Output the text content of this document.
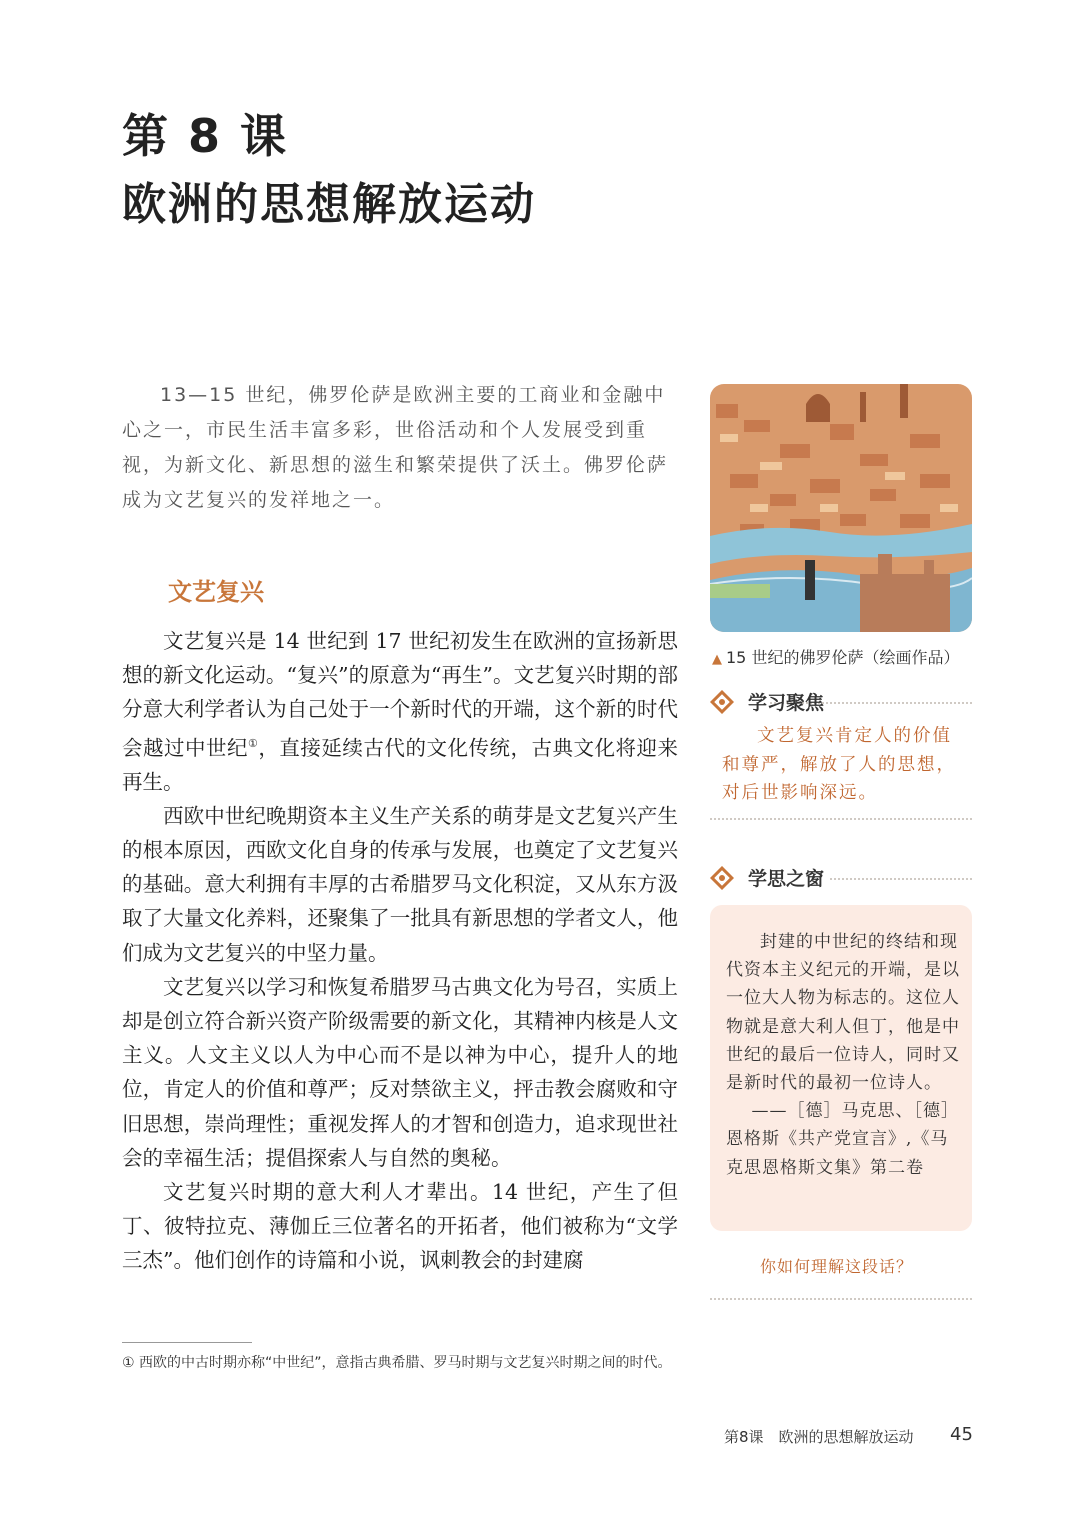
第 8 课
欧洲的思想解放运动

13—15 世纪，佛罗伦萨是欧洲主要的工商业和金融中心之一，市民生活丰富多彩，世俗活动和个人发展受到重视，为新文化、新思想的滋生和繁荣提供了沃土。佛罗伦萨成为文艺复兴的发祥地之一。

文艺复兴

文艺复兴是 14 世纪到 17 世纪初发生在欧洲的宣扬新思想的新文化运动。“复兴”的原意为“再生”。文艺复兴时期的部分意大利学者认为自己处于一个新时代的开端，这个新的时代会越过中世纪①，直接延续古代的文化传统，古典文化将迎来再生。

西欧中世纪晚期资本主义生产关系的萌芽是文艺复兴产生的根本原因，西欧文化自身的传承与发展，也奠定了文艺复兴的基础。意大利拥有丰厚的古希腊罗马文化积淀，又从东方汲取了大量文化养料，还聚集了一批具有新思想的学者文人，他们成为文艺复兴的中坚力量。

文艺复兴以学习和恢复希腊罗马古典文化为号召，实质上却是创立符合新兴资产阶级需要的新文化，其精神内核是人文主义。人文主义以人为中心而不是以神为中心，提升人的地位，肯定人的价值和尊严；反对禁欲主义，抨击教会腐败和守旧思想，崇尚理性；重视发挥人的才智和创造力，追求现世社会的幸福生活；提倡探索人与自然的奥秘。

文艺复兴时期的意大利人才辈出。14 世纪，产生了但丁、彼特拉克、薄伽丘三位著名的开拓者，他们被称为“文学三杰”。他们创作的诗篇和小说，讽刺教会的封建腐

▲ 15 世纪的佛罗伦萨（绘画作品）
学习聚焦

文艺复兴肯定人的价值和尊严，解放了人的思想，对后世影响深远。

学思之窗

封建的中世纪的终结和现代资本主义纪元的开端，是以一位大人物为标志的。这位人物就是意大利人但丁，他是中世纪的最后一位诗人，同时又是新时代的最初一位诗人。

——［德］马克思、［德］恩格斯《共产党宣言》,《马克思恩格斯文集》第二卷

你如何理解这段话？
① 西欧的中古时期亦称“中世纪”，意指古典希腊、罗马时期与文艺复兴时期之间的时代。
第8课　欧洲的思想解放运动 45
